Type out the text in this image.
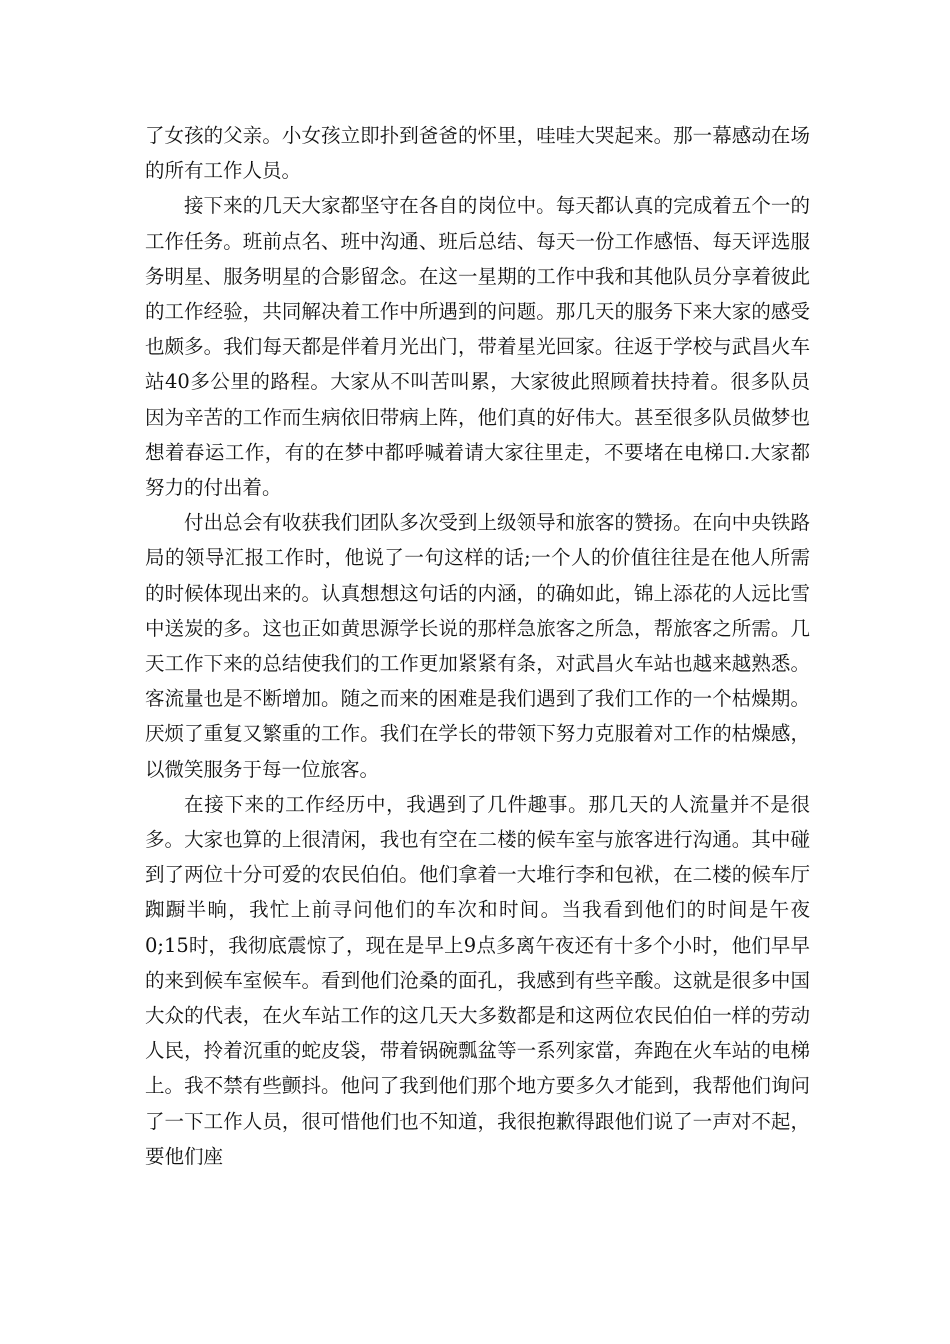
了女孩的父亲。小女孩立即扑到爸爸的怀里，哇哇大哭起来。那一幕感动在场的所有工作人员。

接下来的几天大家都坚守在各自的岗位中。每天都认真的完成着五个一的工作任务。班前点名、班中沟通、班后总结、每天一份工作感悟、每天评选服务明星、服务明星的合影留念。在这一星期的工作中我和其他队员分享着彼此的工作经验，共同解决着工作中所遇到的问题。那几天的服务下来大家的感受也颇多。我们每天都是伴着月光出门，带着星光回家。往返于学校与武昌火车站40多公里的路程。大家从不叫苦叫累，大家彼此照顾着扶持着。很多队员因为辛苦的工作而生病依旧带病上阵，他们真的好伟大。甚至很多队员做梦也想着春运工作，有的在梦中都呼喊着请大家往里走，不要堵在电梯口.大家都努力的付出着。

付出总会有收获我们团队多次受到上级领导和旅客的赞扬。在向中央铁路局的领导汇报工作时，他说了一句这样的话;一个人的价值往往是在他人所需的时候体现出来的。认真想想这句话的内涵，的确如此，锦上添花的人远比雪中送炭的多。这也正如黄思源学长说的那样急旅客之所急，帮旅客之所需。几天工作下来的总结使我们的工作更加紧紧有条，对武昌火车站也越来越熟悉。客流量也是不断增加。随之而来的困难是我们遇到了我们工作的一个枯燥期。厌烦了重复又繁重的工作。我们在学长的带领下努力克服着对工作的枯燥感，以微笑服务于每一位旅客。

在接下来的工作经历中，我遇到了几件趣事。那几天的人流量并不是很多。大家也算的上很清闲，我也有空在二楼的候车室与旅客进行沟通。其中碰到了两位十分可爱的农民伯伯。他们拿着一大堆行李和包袱，在二楼的候车厅踟蹰半晌，我忙上前寻问他们的车次和时间。当我看到他们的时间是午夜0;15时，我彻底震惊了，现在是早上9点多离午夜还有十多个小时，他们早早的来到候车室候车。看到他们沧桑的面孔，我感到有些辛酸。这就是很多中国大众的代表，在火车站工作的这几天大多数都是和这两位农民伯伯一样的劳动人民，拎着沉重的蛇皮袋，带着锅碗瓢盆等一系列家當，奔跑在火车站的电梯上。我不禁有些颤抖。他问了我到他们那个地方要多久才能到，我帮他们询问了一下工作人员，很可惜他们也不知道，我很抱歉得跟他们说了一声对不起，要他们座
